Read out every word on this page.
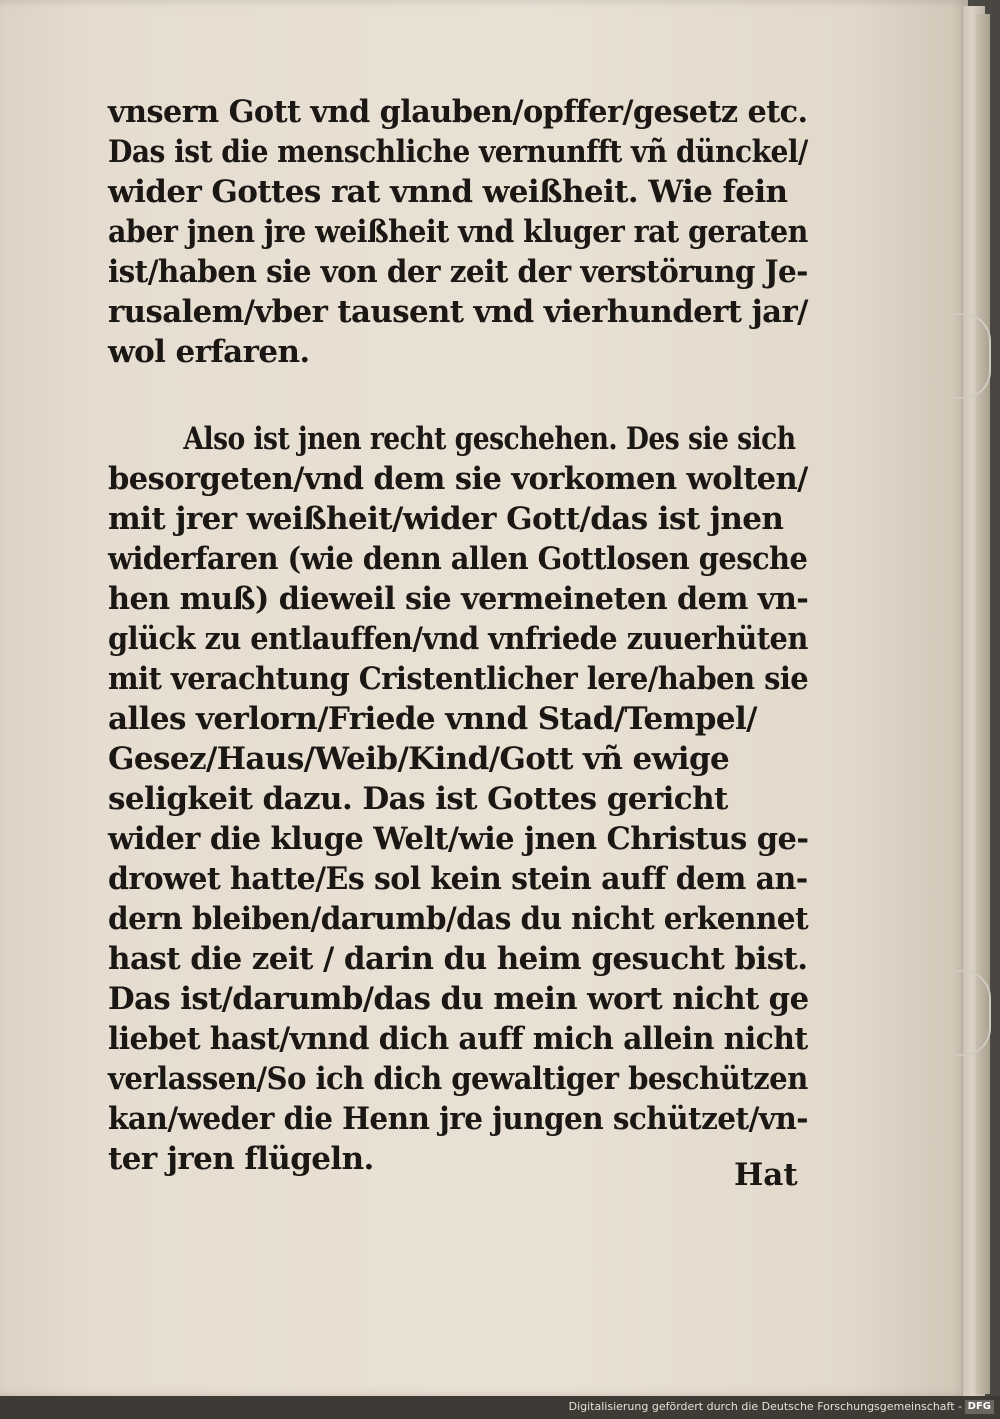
vnsern Gott vnd glauben/opffer/gesetz etc.
Das ist die menschliche vernunfft vñ dünckel/
wider Gottes rat vnnd weißheit. Wie fein
aber jnen jre weißheit vnd kluger rat geraten
ist/haben sie von der zeit der verstörung Je-
rusalem/vber tausent vnd vierhundert jar/
wol erfaren.
Also ist jnen recht geschehen. Des sie sich
besorgeten/vnd dem sie vorkomen wolten/
mit jrer weißheit/wider Gott/das ist jnen
widerfaren (wie denn allen Gottlosen gesche
hen muß) dieweil sie vermeineten dem vn-
glück zu entlauffen/vnd vnfriede zuuerhüten
mit verachtung Cristentlicher lere/haben sie
alles verlorn/Friede vnnd Stad/Tempel/
Gesez/Haus/Weib/Kind/Gott vñ ewige
seligkeit dazu. Das ist Gottes gericht
wider die kluge Welt/wie jnen Christus ge-
drowet hatte/Es sol kein stein auff dem an-
dern bleiben/darumb/das du nicht erkennet
hast die zeit / darin du heim gesucht bist.
Das ist/darumb/das du mein wort nicht ge
liebet hast/vnnd dich auff mich allein nicht
verlassen/So ich dich gewaltiger beschützen
kan/weder die Henn jre jungen schützet/vn-
ter jren flügeln.	Hat
Digitalisierung gefördert durch die Deutsche Forschungsgemeinschaft - DFG
